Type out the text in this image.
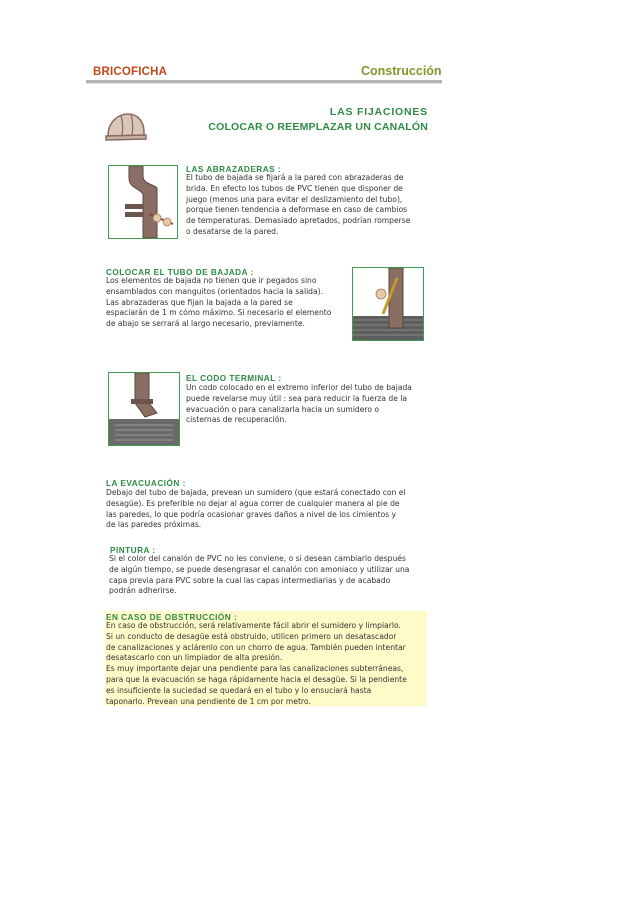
BRICOFICHA	Construcción
LAS FIJACIONES
COLOCAR O REEMPLAZAR UN CANALÓN
LAS ABRAZADERAS :
El tubo de bajada se fijará a la pared con abrazaderas de
brida. En efecto los tubos de PVC tienen que disponer de
juego (menos una para evitar el deslizamiento del tubo),
porque tienen tendencia a deformase en caso de cambios
de temperaturas. Demasiado apretados, podrían romperse
o desatarse de la pared.
COLOCAR EL TUBO DE BAJADA :
Los elementos de bajada no tienen que ir pegados sino
ensamblados con manguitos (orientados hacia la salida).
Las abrazaderas que fijan la bajada a la pared se
espaciarán de 1 m cómo máximo. Si necesario el elemento
de abajo se serrará al largo necesario, previamente.
EL CODO TERMINAL :
Un codo colocado en el extremo inferior del tubo de bajada
puede revelarse muy útil : sea para reducir la fuerza de la
evacuación o para canalizarla hacia un sumidero o
cisternas de recuperación.
LA EVACUACIÓN :
Debajo del tubo de bajada, prevean un sumidero (que estará conectado con el
desagüe). Es preferible no dejar al agua correr de cualquier manera al pie de
las paredes, lo que podría ocasionar graves daños a nivel de los cimientos y
de las paredes próximas.
PINTURA :
Si el color del canalón de PVC no les conviene, o si desean cambiarlo después
de algún tiempo, se puede desengrasar el canalón con amoniaco y utilizar una
capa previa para PVC sobre la cual las capas intermediarias y de acabado
podrán adherirse.
EN CASO DE OBSTRUCCIÓN :
En caso de obstrucción, será relativamente fácil abrir el sumidero y limpiarlo.
Si un conducto de desagüe está obstruido, utilicen primero un desatascador
de canalizaciones y aclárenlo con un chorro de agua. También pueden intentar
desatascarlo con un limpiador de alta presión.
Es muy importante dejar una pendiente para las canalizaciones subterráneas,
para que la evacuación se haga rápidamente hacia el desagüe. Si la pendiente
es insuficiente la suciedad se quedará en el tubo y lo ensuciará hasta
taponarlo. Prevean una pendiente de 1 cm por metro.
